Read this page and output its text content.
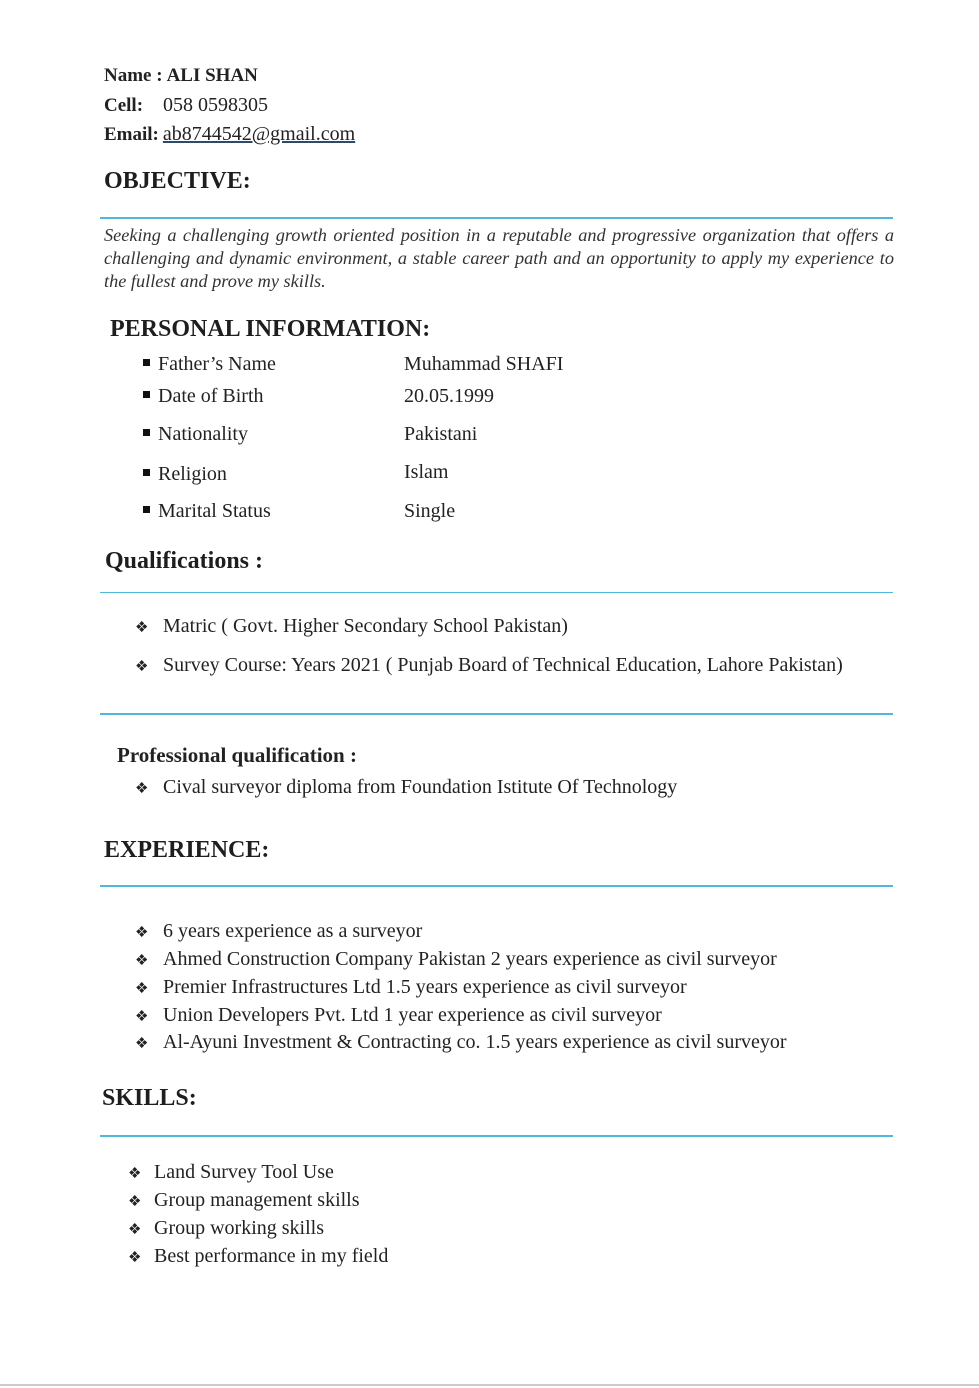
Name : ALI SHAN
Cell: 058 0598305
Email: ab8744542@gmail.com
OBJECTIVE:
Seeking a challenging growth oriented position in a reputable and progressive organization that offers a challenging and dynamic environment, a stable career path and an opportunity to apply my experience to the fullest and prove my skills.
PERSONAL INFORMATION:
Father’s Name	Muhammad SHAFI
Date of Birth	20.05.1999
Nationality	Pakistani
Religion	Islam
Marital Status	Single
Qualifications :
❖ Matric ( Govt. Higher Secondary School Pakistan)
❖ Survey Course: Years 2021 ( Punjab Board of Technical Education, Lahore Pakistan)
Professional qualification :
❖ Cival surveyor diploma from Foundation Istitute Of Technology
EXPERIENCE:
❖ 6 years experience as a surveyor
❖ Ahmed Construction Company Pakistan 2 years experience as civil surveyor
❖ Premier Infrastructures Ltd 1.5 years experience as civil surveyor
❖ Union Developers Pvt. Ltd 1 year experience as civil surveyor
❖ Al-Ayuni Investment & Contracting co. 1.5 years experience as civil surveyor
SKILLS:
❖ Land Survey Tool Use
❖ Group management skills
❖ Group working skills
❖ Best performance in my field
